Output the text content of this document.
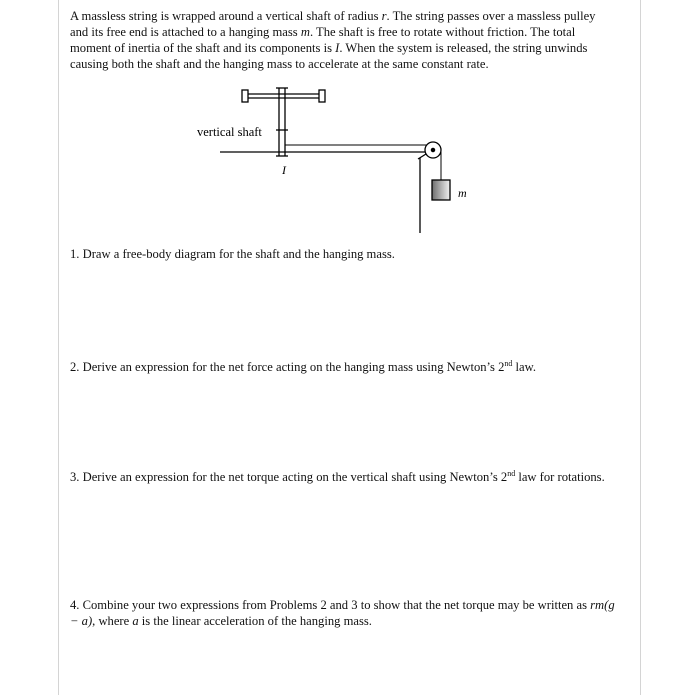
A massless string is wrapped around a vertical shaft of radius r. The string passes over a massless pulley and its free end is attached to a hanging mass m. The shaft is free to rotate without friction. The total moment of inertia of the shaft and its components is I. When the system is released, the string unwinds causing both the shaft and the hanging mass to accelerate at the same constant rate.

vertical shaft
I
m

1. Draw a free-body diagram for the shaft and the hanging mass.

2. Derive an expression for the net force acting on the hanging mass using Newton’s 2nd law.

3. Derive an expression for the net torque acting on the vertical shaft using Newton’s 2nd law for rotations.

4. Combine your two expressions from Problems 2 and 3 to show that the net torque may be written as rm(g − a), where a is the linear acceleration of the hanging mass.
